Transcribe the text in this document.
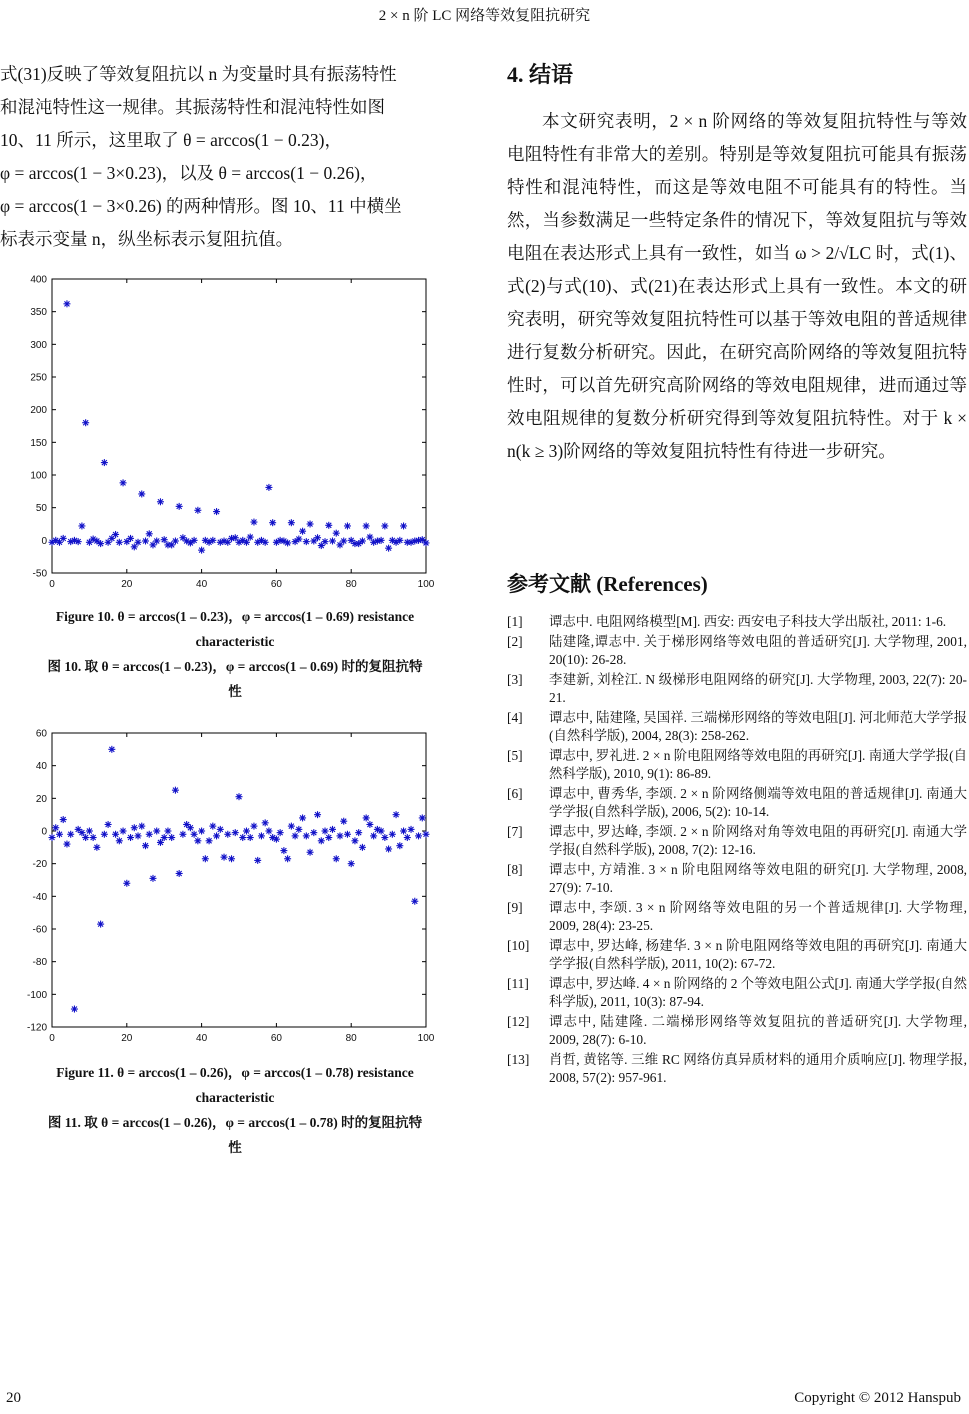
2 × n 阶 LC 网络等效复阻抗研究
式(31)反映了等效复阻抗以 n 为变量时具有振荡特性
和混沌特性这一规律。其振荡特性和混沌特性如图
10、11 所示，这里取了 θ = arccos(1 − 0.23)，
φ = arccos(1 − 3×0.23)，以及 θ = arccos(1 − 0.26)，
φ = arccos(1 − 3×0.26) 的两种情形。图 10、11 中横坐
标表示变量 n，纵坐标表示复阻抗值。
0	20	40	60	80	100
-50
0
50
100
150
200
250
300
350
400
Figure 10. θ = arccos(1 – 0.23)，φ = arccos(1 – 0.69) resistance
characteristic
图 10. 取 θ = arccos(1 – 0.23)，φ = arccos(1 – 0.69) 时的复阻抗特
性
0	20	40	60	80	100
-120
-100
-80
-60
-40
-20
0
20
40
60
Figure 11. θ = arccos(1 – 0.26)，φ = arccos(1 – 0.78) resistance
characteristic
图 11. 取 θ = arccos(1 – 0.26)，φ = arccos(1 – 0.78) 时的复阻抗特
性
4. 结语

本文研究表明，2 × n 阶网络的等效复阻抗特性与等效电阻特性有非常大的差别。特别是等效复阻抗可能具有振荡特性和混沌特性，而这是等效电阻不可能具有的特性。当然，当参数满足一些特定条件的情况下，等效复阻抗与等效电阻在表达形式上具有一致性，如当 ω > 2/√LC 时，式(1)、式(2)与式(10)、式(21)在表达形式上具有一致性。本文的研究表明，研究等效复阻抗特性可以基于等效电阻的普适规律进行复数分析研究。因此，在研究高阶网络的等效复阻抗特性时，可以首先研究高阶网络的等效电阻规律，进而通过等效电阻规律的复数分析研究得到等效复阻抗特性。对于 k × n(k ≥ 3)阶网络的等效复阻抗特性有待进一步研究。

参考文献 (References)
[1]	谭志中. 电阻网络模型[M]. 西安: 西安电子科技大学出版社, 2011: 1-6.
[2]	陆建隆,谭志中. 关于梯形网络等效电阻的普适研究[J]. 大学物理, 2001, 20(10): 26-28.
[3]	李建新, 刘栓江. N 级梯形电阻网络的研究[J]. 大学物理, 2003, 22(7): 20-21.
[4]	谭志中, 陆建隆, 吴国祥. 三端梯形网络的等效电阻[J]. 河北师范大学学报(自然科学版), 2004, 28(3): 258-262.
[5]	谭志中, 罗礼进. 2 × n 阶电阻网络等效电阻的再研究[J]. 南通大学学报(自然科学版), 2010, 9(1): 86-89.
[6]	谭志中, 曹秀华, 李颂. 2 × n 阶网络侧端等效电阻的普适规律[J]. 南通大学学报(自然科学版), 2006, 5(2): 10-14.
[7]	谭志中, 罗达峰, 李颂. 2 × n 阶网络对角等效电阻的再研究[J]. 南通大学学报(自然科学版), 2008, 7(2): 12-16.
[8]	谭志中, 方靖淮. 3 × n 阶电阻网络等效电阻的研究[J]. 大学物理, 2008, 27(9): 7-10.
[9]	谭志中, 李颂. 3 × n 阶网络等效电阻的另一个普适规律[J]. 大学物理, 2009, 28(4): 23-25.
[10]	谭志中, 罗达峰, 杨建华. 3 × n 阶电阻网络等效电阻的再研究[J]. 南通大学学报(自然科学版), 2011, 10(2): 67-72.
[11]	谭志中, 罗达峰. 4 × n 阶网络的 2 个等效电阻公式[J]. 南通大学学报(自然科学版), 2011, 10(3): 87-94.
[12]	谭志中, 陆建隆. 二端梯形网络等效复阻抗的普适研究[J]. 大学物理, 2009, 28(7): 6-10.
[13]	肖哲, 黄铭等. 三维 RC 网络仿真异质材料的通用介质响应[J]. 物理学报, 2008, 57(2): 957-961.
20	Copyright © 2012 Hanspub
